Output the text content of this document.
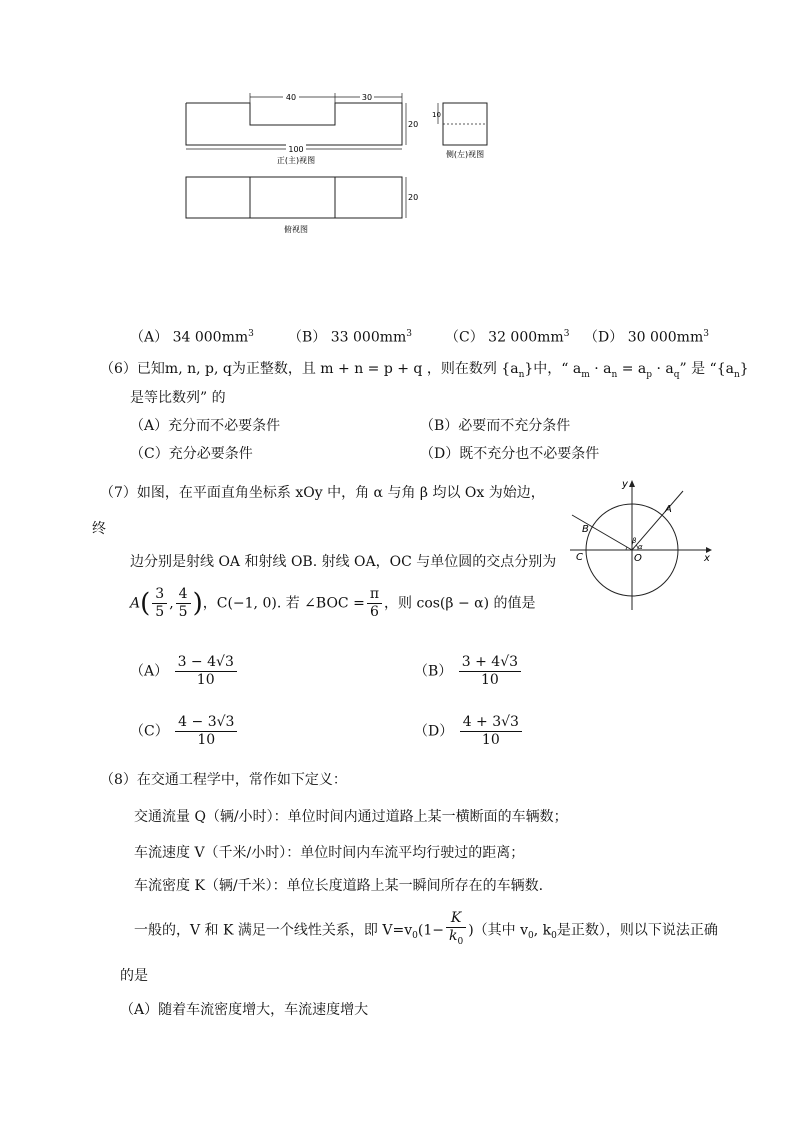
40	30
20
100
正(主)视图
10
侧(左)视图
20
俯视图
（A） 34 $000mm^3$ （B） 33 $000mm^3$ （C） 32 $000mm^3$ （D） 30 $000mm^3$
（6）已知m, n, p, q为正整数，且 m + n = p + q ，则在数列 $\{a_n\}$中，“ $a_m \cdot a_n = a_p \cdot a_q$” 是 “$\{a_n\}$
是等比数列” 的
（A）充分而不必要条件	（B）必要而不充分条件
（C）充分必要条件	（D）既不充分也不必要条件
（7）如图，在平面直角坐标系 xOy 中，角 α 与角 β 均以 Ox 为始边，
终
边分别是射线 OA 和射线 OB. 射线 OA，OC 与单位圆的交点分别为
$A( \frac{3}{5}$ , $\frac{4}{5}$ )，C(−1, 0). 若 ∠BOC = $\frac{\pi}{6}$ ，则 cos(β − α) 的值是
$(A) \frac{3 - 4√3}{10}$	$(B) \frac{3 + 4√3}{10}$
$(C) \frac{4 - 3√3}{10}$	$(D) \frac{4 + 3√3}{10}$
y
x
A
B
C	O
α
β
（8）在交通工程学中，常作如下定义：
交通流量 Q（辆/小时）：单位时间内通过道路上某一横断面的车辆数；
车流速度 V（千米/小时）：单位时间内车流平均行驶过的距离；
车流密度 K（辆/千米）：单位长度道路上某一瞬间所存在的车辆数.
一般的，V 和 K 满足一个线性关系，即 $V=v_0(1- \frac{K}{k_0}$ )（其中 $v_0$, $k_0$是正数），则以下说法正确
的是
（A）随着车流密度增大，车流速度增大
